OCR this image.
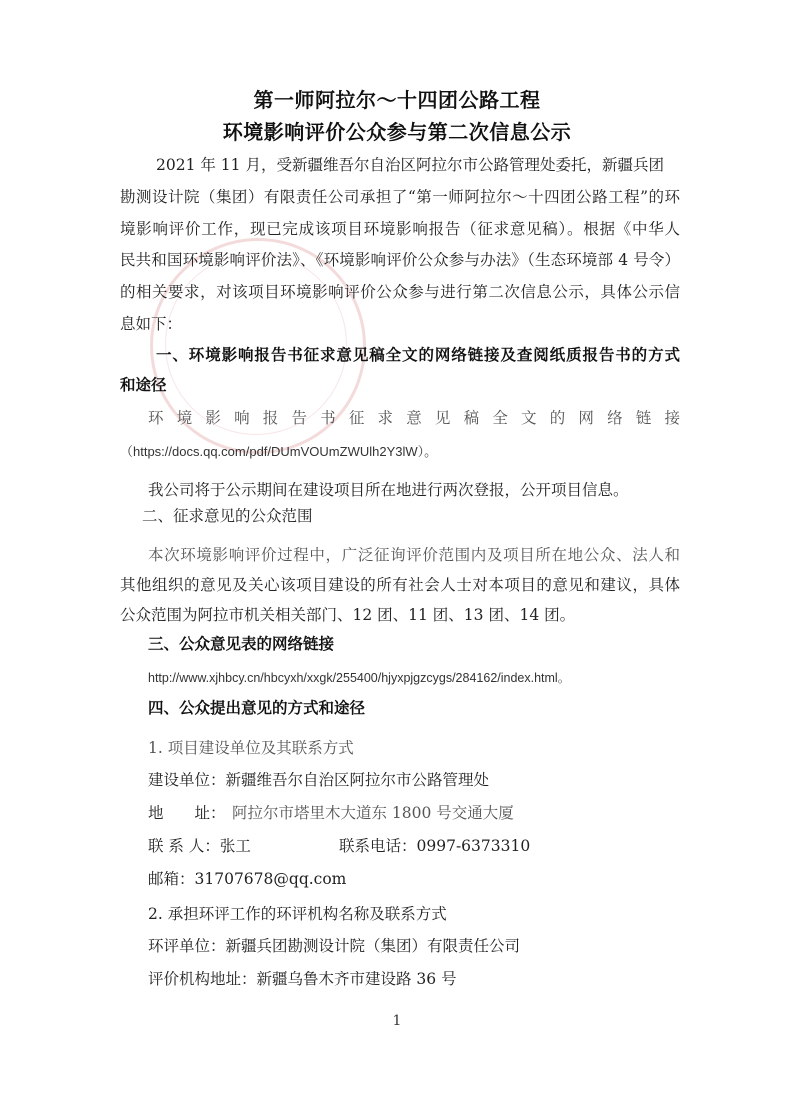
第一师阿拉尔～十四团公路工程
环境影响评价公众参与第二次信息公示
2021 年 11 月，受新疆维吾尔自治区阿拉尔市公路管理处委托，新疆兵团
勘测设计院（集团）有限责任公司承担了“第一师阿拉尔～十四团公路工程”的环
境影响评价工作，现已完成该项目环境影响报告（征求意见稿）。根据《中华人
民共和国环境影响评价法》、《环境影响评价公众参与办法》（生态环境部 4 号令）
的相关要求，对该项目环境影响评价公众参与进行第二次信息公示，具体公示信
息如下：
一、环境影响报告书征求意见稿全文的网络链接及查阅纸质报告书的方式
和途径
环境影响报告书征求意见稿全文的网络链接
（https://docs.qq.com/pdf/DUmVOUmZWUlh2Y3lW）。
我公司将于公示期间在建设项目所在地进行两次登报，公开项目信息。
二、征求意见的公众范围
本次环境影响评价过程中，广泛征询评价范围内及项目所在地公众、法人和
其他组织的意见及关心该项目建设的所有社会人士对本项目的意见和建议，具体
公众范围为阿拉市机关相关部门、12 团、11 团、13 团、14 团。
三、公众意见表的网络链接
http://www.xjhbcy.cn/hbcyxh/xxgk/255400/hjyxpjgzcygs/284162/index.html。
四、公众提出意见的方式和途径
1. 项目建设单位及其联系方式
建设单位：新疆维吾尔自治区阿拉尔市公路管理处
地　　址： 阿拉尔市塔里木大道东 1800 号交通大厦
联 系 人：张工	联系电话：0997-6373310
邮箱：31707678@qq.com
2. 承担环评工作的环评机构名称及联系方式
环评单位：新疆兵团勘测设计院（集团）有限责任公司
评价机构地址：新疆乌鲁木齐市建设路 36 号
1
